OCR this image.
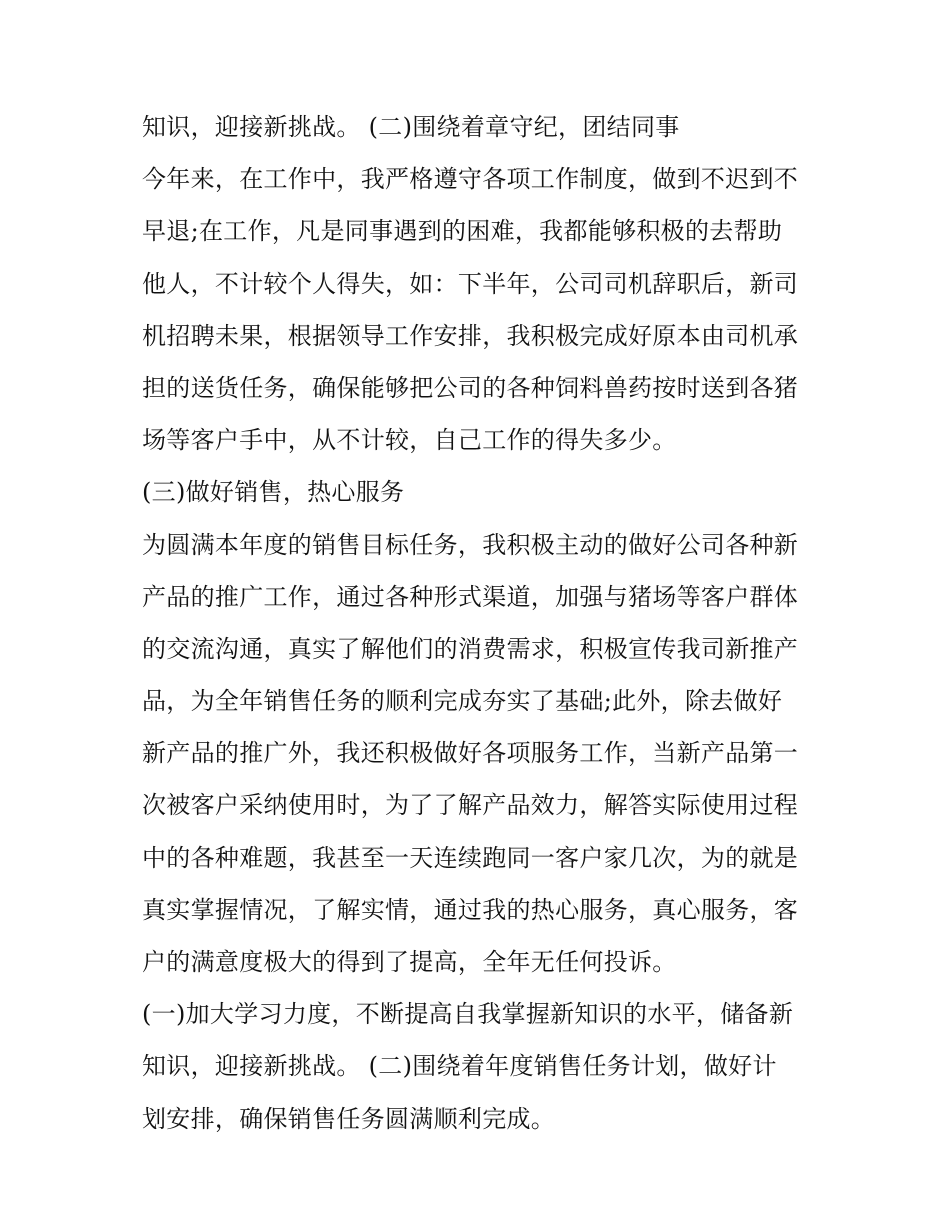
知识，迎接新挑战。 (二)围绕着章守纪，团结同事
今年来，在工作中，我严格遵守各项工作制度，做到不迟到不
早退;在工作，凡是同事遇到的困难，我都能够积极的去帮助
他人，不计较个人得失，如：下半年，公司司机辞职后，新司
机招聘未果，根据领导工作安排，我积极完成好原本由司机承
担的送货任务，确保能够把公司的各种饲料兽药按时送到各猪
场等客户手中，从不计较，自己工作的得失多少。
(三)做好销售，热心服务
为圆满本年度的销售目标任务，我积极主动的做好公司各种新
产品的推广工作，通过各种形式渠道，加强与猪场等客户群体
的交流沟通，真实了解他们的消费需求，积极宣传我司新推产
品，为全年销售任务的顺利完成夯实了基础;此外，除去做好
新产品的推广外，我还积极做好各项服务工作，当新产品第一
次被客户采纳使用时，为了了解产品效力，解答实际使用过程
中的各种难题，我甚至一天连续跑同一客户家几次，为的就是
真实掌握情况，了解实情，通过我的热心服务，真心服务，客
户的满意度极大的得到了提高，全年无任何投诉。
(一)加大学习力度，不断提高自我掌握新知识的水平，储备新
知识，迎接新挑战。 (二)围绕着年度销售任务计划，做好计
划安排，确保销售任务圆满顺利完成。
